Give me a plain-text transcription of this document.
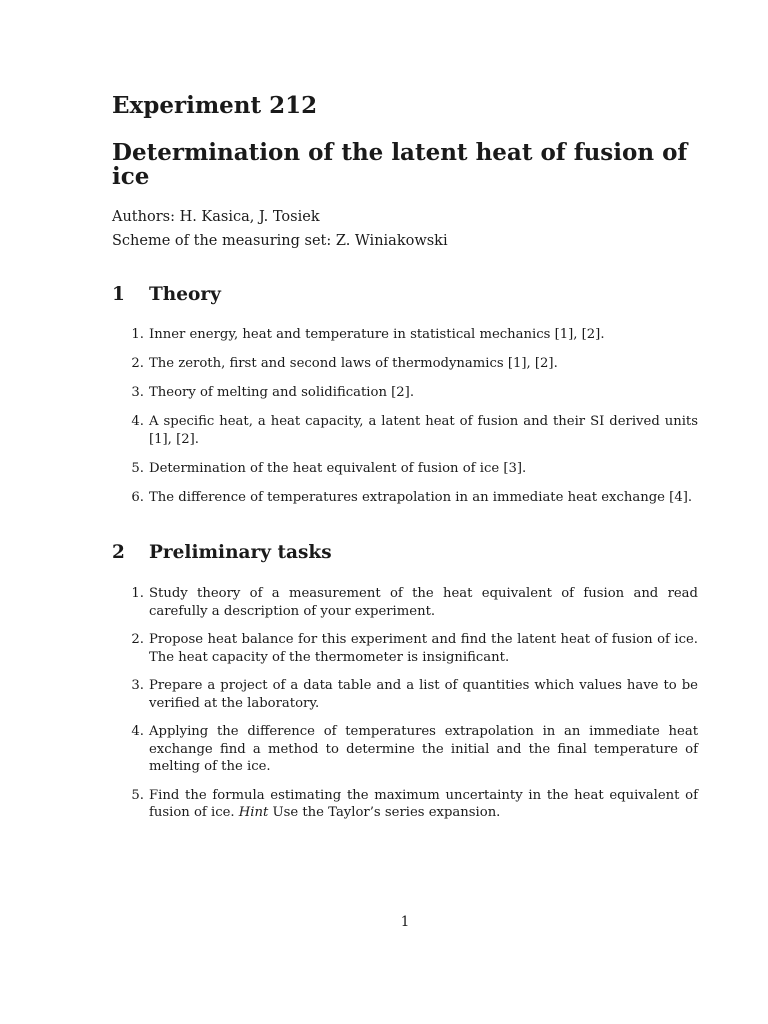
Experiment 212
Determination of the latent heat of fusion of ice
Authors: H. Kasica, J. Tosiek
Scheme of the measuring set: Z. Winiakowski
1 Theory
1. Inner energy, heat and temperature in statistical mechanics [1], [2].
2. The zeroth, first and second laws of thermodynamics [1], [2].
3. Theory of melting and solidification [2].
4. A specific heat, a heat capacity, a latent heat of fusion and their SI derived units [1], [2].
5. Determination of the heat equivalent of fusion of ice [3].
6. The difference of temperatures extrapolation in an immediate heat exchange [4].
2 Preliminary tasks
1. Study theory of a measurement of the heat equivalent of fusion and read carefully a description of your experiment.
2. Propose heat balance for this experiment and find the latent heat of fusion of ice. The heat capacity of the thermometer is insignificant.
3. Prepare a project of a data table and a list of quantities which values have to be verified at the laboratory.
4. Applying the difference of temperatures extrapolation in an immediate heat exchange find a method to determine the initial and the final temperature of melting of the ice.
5. Find the formula estimating the maximum uncertainty in the heat equivalent of fusion of ice. Hint Use the Taylor’s series expansion.
1
